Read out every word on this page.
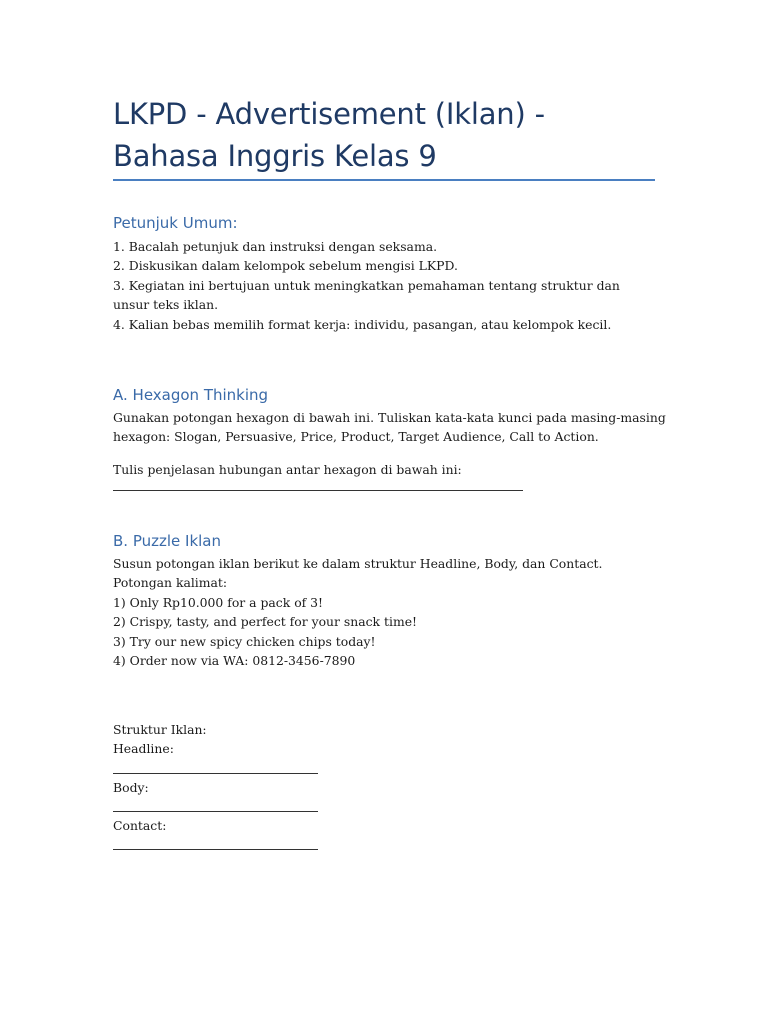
LKPD - Advertisement (Iklan) - Bahasa Inggris Kelas 9
Petunjuk Umum:
1. Bacalah petunjuk dan instruksi dengan seksama.
2. Diskusikan dalam kelompok sebelum mengisi LKPD.
3. Kegiatan ini bertujuan untuk meningkatkan pemahaman tentang struktur dan unsur teks iklan.
4. Kalian bebas memilih format kerja: individu, pasangan, atau kelompok kecil.
A. Hexagon Thinking
Gunakan potongan hexagon di bawah ini. Tuliskan kata-kata kunci pada masing-masing
hexagon: Slogan, Persuasive, Price, Product, Target Audience, Call to Action.
Tulis penjelasan hubungan antar hexagon di bawah ini:
B. Puzzle Iklan
Susun potongan iklan berikut ke dalam struktur Headline, Body, dan Contact.
Potongan kalimat:
1) Only Rp10.000 for a pack of 3!
2) Crispy, tasty, and perfect for your snack time!
3) Try our new spicy chicken chips today!
4) Order now via WA: 0812-3456-7890
Struktur Iklan:
Headline:
Body:
Contact:
